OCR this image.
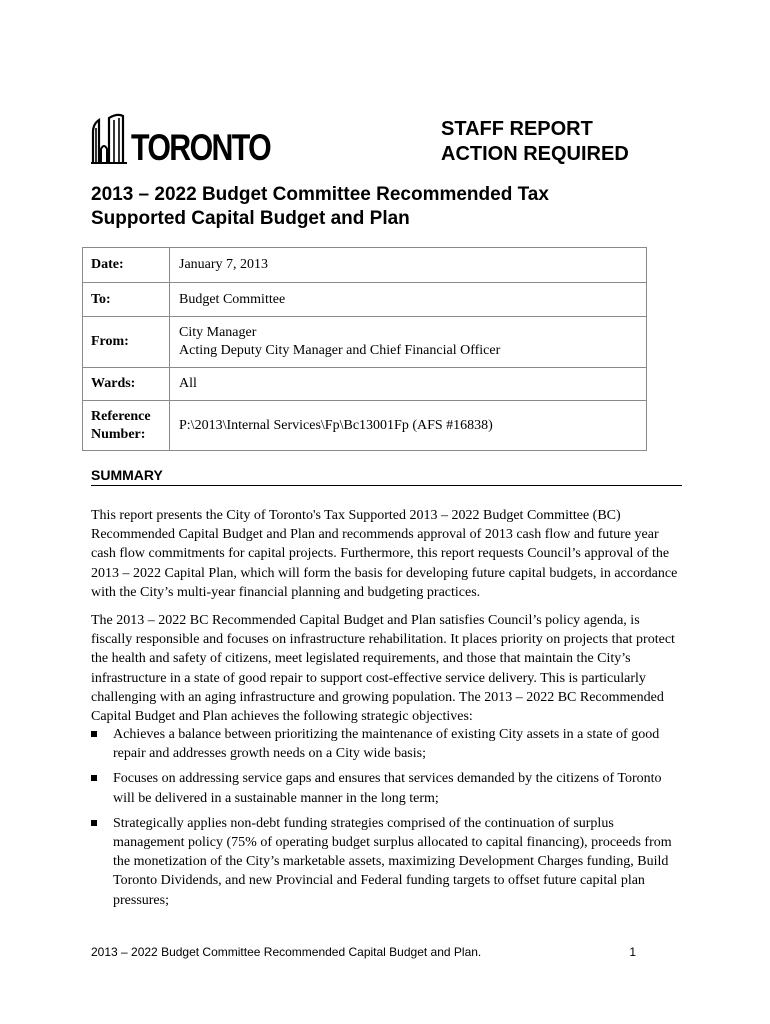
TORONTO	STAFF REPORT
ACTION REQUIRED
2013 – 2022 Budget Committee Recommended Tax
Supported Capital Budget and Plan
Date:	January 7, 2013
To:	Budget Committee
From:	City Manager
Acting Deputy City Manager and Chief Financial Officer

Wards:	All

Reference
Number:	P:\2013\Internal Services\Fp\Bc13001Fp (AFS #16838)
SUMMARY

This report presents the City of Toronto's Tax Supported 2013 – 2022 Budget Committee (BC) Recommended Capital Budget and Plan and recommends approval of 2013 cash flow and future year cash flow commitments for capital projects. Furthermore, this report requests Council’s approval of the 2013 – 2022 Capital Plan, which will form the basis for developing future capital budgets, in accordance with the City’s multi-year financial planning and budgeting practices.

The 2013 – 2022 BC Recommended Capital Budget and Plan satisfies Council’s policy agenda, is fiscally responsible and focuses on infrastructure rehabilitation. It places priority on projects that protect the health and safety of citizens, meet legislated requirements, and those that maintain the City’s infrastructure in a state of good repair to support cost-effective service delivery. This is particularly challenging with an aging infrastructure and growing population. The 2013 – 2022 BC Recommended Capital Budget and Plan achieves the following strategic objectives:

Achieves a balance between prioritizing the maintenance of existing City assets in a state of good repair and addresses growth needs on a City wide basis;
Focuses on addressing service gaps and ensures that services demanded by the citizens of Toronto will be delivered in a sustainable manner in the long term;
Strategically applies non-debt funding strategies comprised of the continuation of surplus management policy (75% of operating budget surplus allocated to capital financing), proceeds from the monetization of the City’s marketable assets, maximizing Development Charges funding, Build Toronto Dividends, and new Provincial and Federal funding targets to offset future capital plan pressures;
2013 – 2022 Budget Committee Recommended Capital Budget and Plan.	1
